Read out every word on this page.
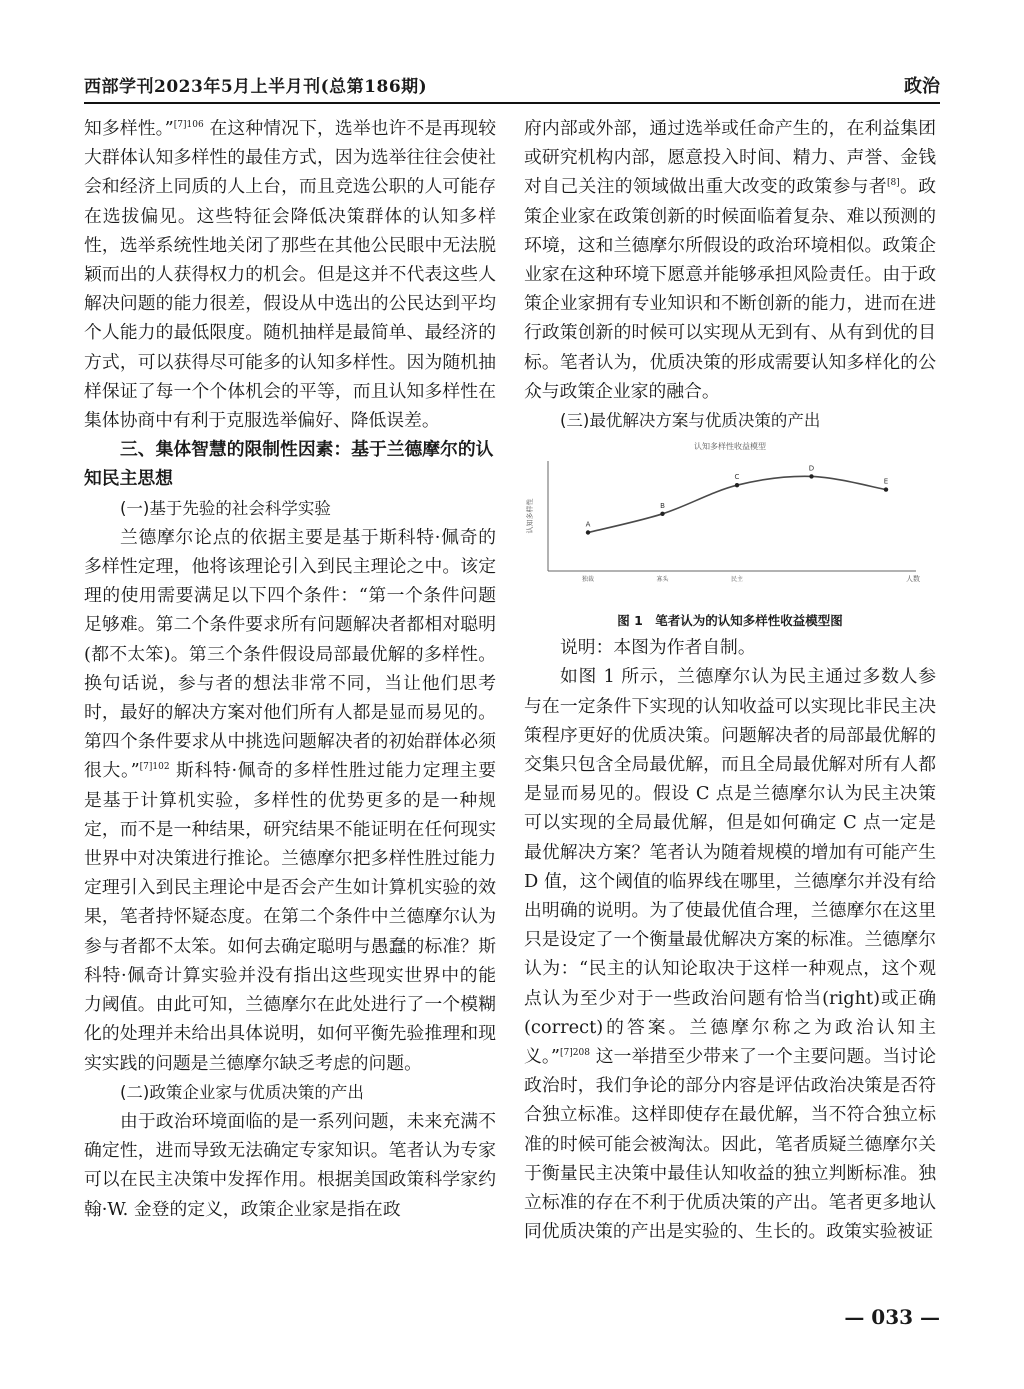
西部学刊2023年5月上半月刊(总第186期)	政治

知多样性。”$^{[7]106}$ 在这种情况下，选举也许不是再现较大群体认知多样性的最佳方式，因为选举往往会使社会和经济上同质的人上台，而且竞选公职的人可能存在选拔偏见。这些特征会降低决策群体的认知多样性，选举系统性地关闭了那些在其他公民眼中无法脱颖而出的人获得权力的机会。但是这并不代表这些人解决问题的能力很差，假设从中选出的公民达到平均个人能力的最低限度。随机抽样是最简单、最经济的方式，可以获得尽可能多的认知多样性。因为随机抽样保证了每一个个体机会的平等，而且认知多样性在集体协商中有利于克服选举偏好、降低误差。

三、集体智慧的限制性因素：基于兰德摩尔的认知民主思想

(一)基于先验的社会科学实验

兰德摩尔论点的依据主要是基于斯科特·佩奇的多样性定理，他将该理论引入到民主理论之中。该定理的使用需要满足以下四个条件：“第一个条件问题足够难。第二个条件要求所有问题解决者都相对聪明(都不太笨)。第三个条件假设局部最优解的多样性。换句话说，参与者的想法非常不同，当让他们思考时，最好的解决方案对他们所有人都是显而易见的。第四个条件要求从中挑选问题解决者的初始群体必须很大。”$^{[7]102}$ 斯科特·佩奇的多样性胜过能力定理主要是基于计算机实验，多样性的优势更多的是一种规定，而不是一种结果，研究结果不能证明在任何现实世界中对决策进行推论。兰德摩尔把多样性胜过能力定理引入到民主理论中是否会产生如计算机实验的效果，笔者持怀疑态度。在第二个条件中兰德摩尔认为参与者都不太笨。如何去确定聪明与愚蠢的标准？斯科特·佩奇计算实验并没有指出这些现实世界中的能力阈值。由此可知，兰德摩尔在此处进行了一个模糊化的处理并未给出具体说明，如何平衡先验推理和现实实践的问题是兰德摩尔缺乏考虑的问题。

(二)政策企业家与优质决策的产出

由于政治环境面临的是一系列问题，未来充满不确定性，进而导致无法确定专家知识。笔者认为专家可以在民主决策中发挥作用。根据美国政策科学家约翰·W. 金登的定义，政策企业家是指在政

府内部或外部，通过选举或任命产生的，在利益集团或研究机构内部，愿意投入时间、精力、声誉、金钱对自己关注的领域做出重大改变的政策参与者[8]。政策企业家在政策创新的时候面临着复杂、难以预测的环境，这和兰德摩尔所假设的政治环境相似。政策企业家在这种环境下愿意并能够承担风险责任。由于政策企业家拥有专业知识和不断创新的能力，进而在进行政策创新的时候可以实现从无到有、从有到优的目标。笔者认为，优质决策的形成需要认知多样化的公众与政策企业家的融合。

(三)最优解决方案与优质决策的产出

认知多样性收益模型
认知多样性
人数
独裁	寡头	民主
A
B
C
D
E

图 1　笔者认为的认知多样性收益模型图

说明：本图为作者自制。

如图 1 所示，兰德摩尔认为民主通过多数人参与在一定条件下实现的认知收益可以实现比非民主决策程序更好的优质决策。问题解决者的局部最优解的交集只包含全局最优解，而且全局最优解对所有人都是显而易见的。假设 C 点是兰德摩尔认为民主决策可以实现的全局最优解，但是如何确定 C 点一定是最优解决方案？笔者认为随着规模的增加有可能产生 D 值，这个阈值的临界线在哪里，兰德摩尔并没有给出明确的说明。为了使最优值合理，兰德摩尔在这里只是设定了一个衡量最优解决方案的标准。兰德摩尔认为：“民主的认知论取决于这样一种观点，这个观点认为至少对于一些政治问题有恰当(right)或正确(correct)的答案。兰德摩尔称之为政治认知主义。”$^{[7]208}$ 这一举措至少带来了一个主要问题。当讨论政治时，我们争论的部分内容是评估政治决策是否符合独立标准。这样即使存在最优解，当不符合独立标准的时候可能会被淘汰。因此，笔者质疑兰德摩尔关于衡量民主决策中最佳认知收益的独立判断标准。独立标准的存在不利于优质决策的产出。笔者更多地认同优质决策的产出是实验的、生长的。政策实验被证

— 033 —
